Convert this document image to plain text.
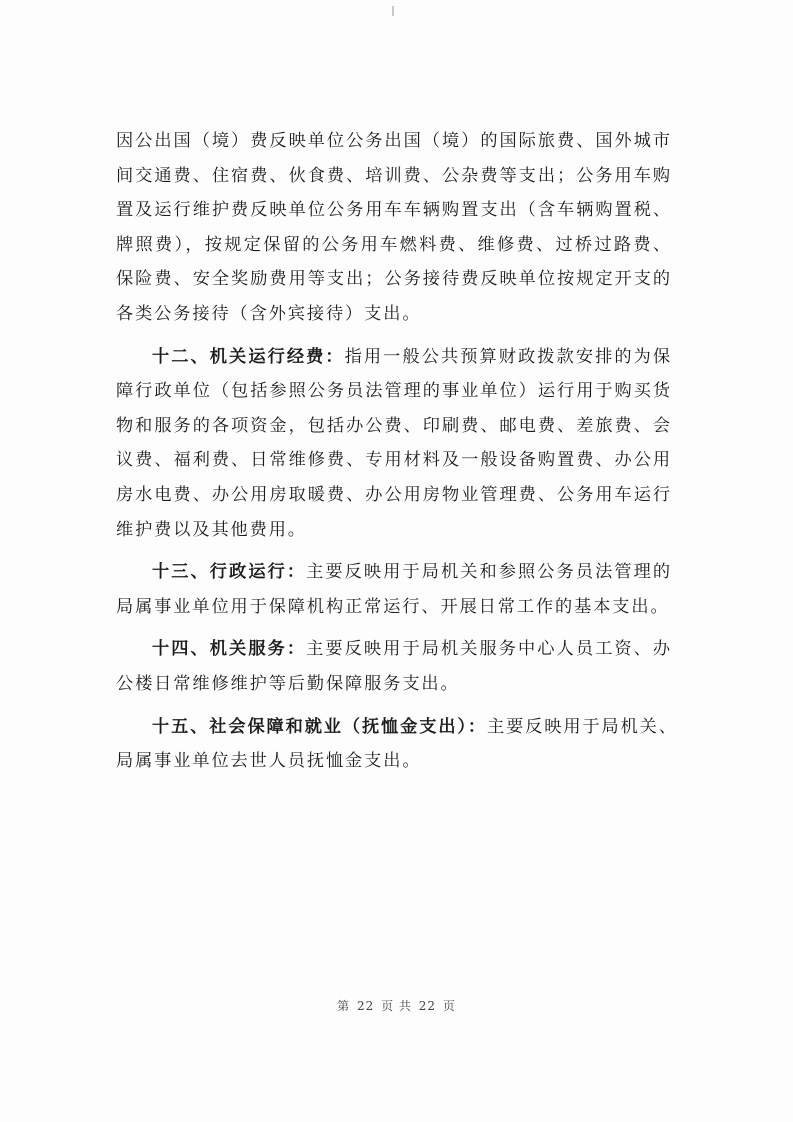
因公出国（境）费反映单位公务出国（境）的国际旅费、国外城市
间交通费、住宿费、伙食费、培训费、公杂费等支出；公务用车购
置及运行维护费反映单位公务用车车辆购置支出（含车辆购置税、
牌照费），按规定保留的公务用车燃料费、维修费、过桥过路费、
保险费、安全奖励费用等支出；公务接待费反映单位按规定开支的
各类公务接待（含外宾接待）支出。
十二、机关运行经费：指用一般公共预算财政拨款安排的为保
障行政单位（包括参照公务员法管理的事业单位）运行用于购买货
物和服务的各项资金，包括办公费、印刷费、邮电费、差旅费、会
议费、福利费、日常维修费、专用材料及一般设备购置费、办公用
房水电费、办公用房取暖费、办公用房物业管理费、公务用车运行
维护费以及其他费用。
十三、行政运行：主要反映用于局机关和参照公务员法管理的
局属事业单位用于保障机构正常运行、开展日常工作的基本支出。
十四、机关服务：主要反映用于局机关服务中心人员工资、办
公楼日常维修维护等后勤保障服务支出。
十五、社会保障和就业（抚恤金支出）：主要反映用于局机关、
局属事业单位去世人员抚恤金支出。
第 22 页 共 22 页
